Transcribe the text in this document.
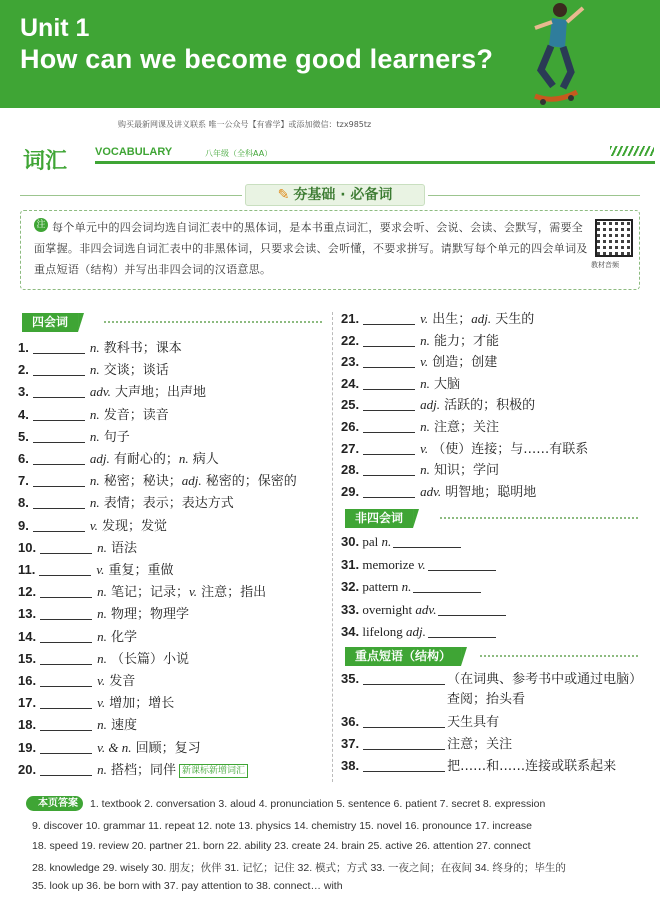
Unit 1
How can we become good learners?
购买最新网课及讲义联系 唯一公众号【有睿学】或添加微信：tzx985tz
词汇	VOCABULARY	八年级（全科AA）
✎ 夯基础 · 必备词
注 每个单元中的四会词均选自词汇表中的黑体词，是本书重点词汇，要求会听、会说、会读、会默写，需要全面掌握。非四会词选自词汇表中的非黑体词，只要求会读、会听懂，不要求拼写。请默写每个单元的四会单词及重点短语（结构）并写出非四会词的汉语意思。	教材音频
四会词
非四会词
重点短语（结构）
1.	n. 教科书；课本
2.	n. 交谈；谈话
3.	adv. 大声地；出声地
4.	n. 发音；读音
5.	n. 句子
6.	adj. 有耐心的；n. 病人
7.	n. 秘密；秘诀；adj. 秘密的；保密的
8.	n. 表情；表示；表达方式
9.	v. 发现；发觉
10.	n. 语法
11.	v. 重复；重做
12.	n. 笔记；记录；v. 注意；指出
13.	n. 物理；物理学
14.	n. 化学
15.	n. （长篇）小说
16.	v. 发音
17.	v. 增加；增长
18.	n. 速度
19.	v. & n. 回顾；复习
20.	n. 搭档；同伴 新课标新增词汇
21.	v. 出生；adj. 天生的
22.	n. 能力；才能
23.	v. 创造；创建
24.	n. 大脑
25.	adj. 活跃的；积极的
26.	n. 注意；关注
27.	v. （使）连接；与……有联系
28.	n. 知识；学问
29.	adv. 明智地；聪明地
30. pal n.
31. memorize v.
32. pattern n.
33. overnight adv.
34. lifelong adj.
35.	（在词典、参考书中或通过电脑）
查阅；抬头看
36.	天生具有
37.	注意；关注
38.	把……和……连接或联系起来
本页答案	1. textbook 2. conversation 3. aloud 4. pronunciation 5. sentence 6. patient 7. secret 8. expression
9. discover 10. grammar 11. repeat 12. note 13. physics 14. chemistry 15. novel 16. pronounce 17. increase
18. speed 19. review 20. partner 21. born 22. ability 23. create 24. brain 25. active 26. attention 27. connect
28. knowledge 29. wisely 30. 朋友；伙伴 31. 记忆；记住 32. 模式；方式 33. 一夜之间；在夜间 34. 终身的；毕生的
35. look up 36. be born with 37. pay attention to 38. connect… with
